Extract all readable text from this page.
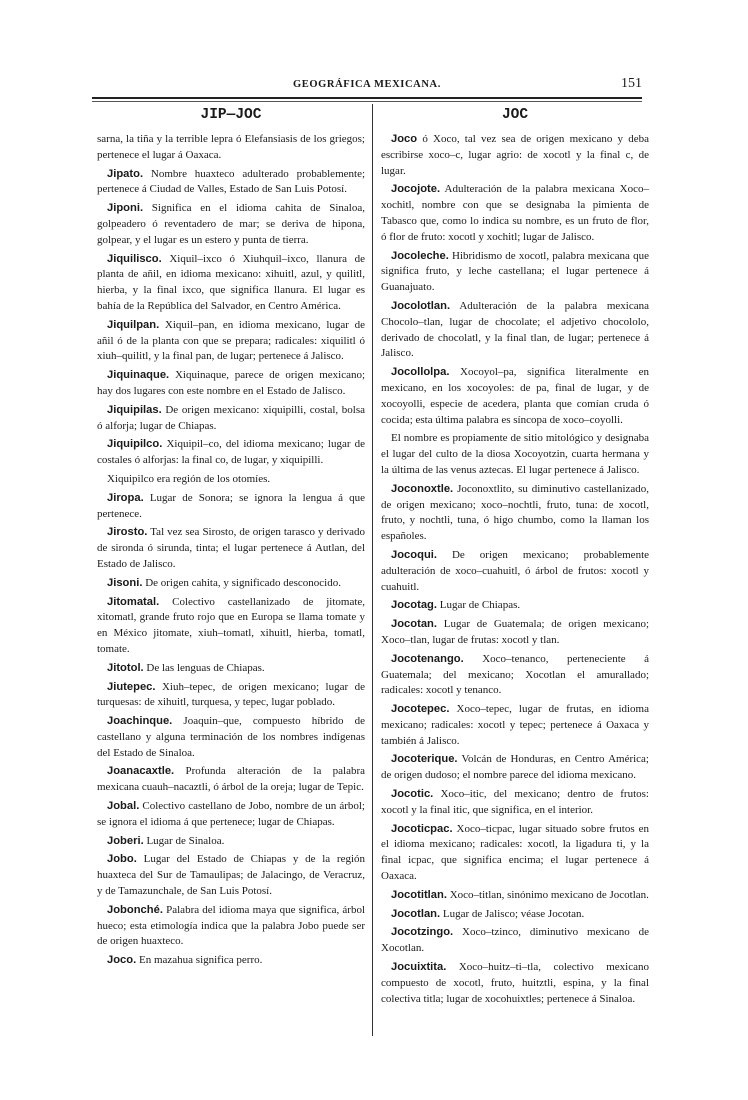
GEOGRÁFICA MEXICANA.	151
JIP—JOC

sarna, la tiña y la terrible lepra ó Elefansiasis de los griegos; pertenece el lugar á Oaxaca.

Jipato. Nombre huaxteco adulterado probablemente; pertenece á Ciudad de Valles, Estado de San Luis Potosí.

Jiponi. Significa en el idioma cahita de Sinaloa, golpeadero ó reventadero de mar; se deriva de hipona, golpear, y el lugar es un estero y punta de tierra.

Jiquilisco. Xiquil–ixco ó Xiuhquil–ixco, llanura de planta de añil, en idioma mexicano: xihuitl, azul, y quilitl, hierba, y la final ixco, que significa llanura. El lugar es bahía de la República del Salvador, en Centro América.

Jiquilpan. Xiquil–pan, en idioma mexicano, lugar de añil ó de la planta con que se prepara; radicales: xiquilitl ó xiuh–quilitl, y la final pan, de lugar; pertenece á Jalisco.

Jiquinaque. Xiquinaque, parece de origen mexicano; hay dos lugares con este nombre en el Estado de Jalisco.

Jiquipilas. De origen mexicano: xiquipilli, costal, bolsa ó alforja; lugar de Chiapas.

Jiquipilco. Xiquipil–co, del idioma mexicano; lugar de costales ó alforjas: la final co, de lugar, y xiquipilli.

Xiquipilco era región de los otomíes.

Jiropa. Lugar de Sonora; se ignora la lengua á que pertenece.

Jirosto. Tal vez sea Sirosto, de origen tarasco y derivado de sironda ó sirunda, tinta; el lugar pertenece á Autlan, del Estado de Jalisco.

Jisoni. De origen cahita, y significado desconocido.

Jitomatal. Colectivo castellanizado de jitomate, xitomatl, grande fruto rojo que en Europa se llama tomate y en México jitomate, xiuh–tomatl, xihuitl, hierba, tomatl, tomate.

Jitotol. De las lenguas de Chiapas.

Jiutepec. Xiuh–tepec, de origen mexicano; lugar de turquesas: de xihuitl, turquesa, y tepec, lugar poblado.

Joachinque. Joaquin–que, compuesto híbrido de castellano y alguna terminación de los nombres indígenas del Estado de Sinaloa.

Joanacaxtle. Profunda alteración de la palabra mexicana cuauh–nacaztli, ó árbol de la oreja; lugar de Tepic.

Jobal. Colectivo castellano de Jobo, nombre de un árbol; se ignora el idioma á que pertenece; lugar de Chiapas.

Joberi. Lugar de Sinaloa.

Jobo. Lugar del Estado de Chiapas y de la región huaxteca del Sur de Tamaulipas; de Jalacingo, de Veracruz, y de Tamazunchale, de San Luis Potosí.

Jobonché. Palabra del idioma maya que significa, árbol hueco; esta etimología indica que la palabra Jobo puede ser de origen huaxteco.

Joco. En mazahua significa perro.

JOC

Joco ó Xoco, tal vez sea de origen mexicano y deba escribirse xoco–c, lugar agrio: de xocotl y la final c, de lugar.

Jocojote. Adulteración de la palabra mexicana Xoco–xochitl, nombre con que se designaba la pimienta de Tabasco que, como lo indica su nombre, es un fruto de flor, ó flor de fruto: xocotl y xochitl; lugar de Jalisco.

Jocoleche. Hibridismo de xocotl, palabra mexicana que significa fruto, y leche castellana; el lugar pertenece á Guanajuato.

Jocolotlan. Adulteración de la palabra mexicana Chocolo–tlan, lugar de chocolate; el adjetivo chocololo, derivado de chocolatl, y la final tlan, de lugar; pertenece á Jalisco.

Jocollolpa. Xocoyol–pa, significa literalmente en mexicano, en los xocoyoles: de pa, final de lugar, y de xocoyolli, especie de acedera, planta que comían cruda ó cocida; esta última palabra es síncopa de xoco–coyolli.

El nombre es propiamente de sitio mitológico y designaba el lugar del culto de la diosa Xocoyotzin, cuarta hermana y la última de las venus aztecas. El lugar pertenece á Jalisco.

Joconoxtle. Joconoxtlito, su diminutivo castellanizado, de origen mexicano; xoco–nochtli, fruto, tuna: de xocotl, fruto, y nochtli, tuna, ó higo chumbo, como la llaman los españoles.

Jocoqui. De origen mexicano; probablemente adulteración de xoco–cuahuitl, ó árbol de frutos: xocotl y cuahuitl.

Jocotag. Lugar de Chiapas.

Jocotan. Lugar de Guatemala; de origen mexicano; Xoco–tlan, lugar de frutas: xocotl y tlan.

Jocotenango. Xoco–tenanco, perteneciente á Guatemala; del mexicano; Xocotlan el amurallado; radicales: xocotl y tenanco.

Jocotepec. Xoco–tepec, lugar de frutas, en idioma mexicano; radicales: xocotl y tepec; pertenece á Oaxaca y también á Jalisco.

Jocoterique. Volcán de Honduras, en Centro América; de origen dudoso; el nombre parece del idioma mexicano.

Jocotic. Xoco–itic, del mexicano; dentro de frutos: xocotl y la final itic, que significa, en el interior.

Jocoticpac. Xoco–ticpac, lugar situado sobre frutos en el idioma mexicano; radicales: xocotl, la ligadura ti, y la final icpac, que significa encima; el lugar pertenece á Oaxaca.

Jocotitlan. Xoco–titlan, sinónimo mexicano de Jocotlan.

Jocotlan. Lugar de Jalisco; véase Jocotan.

Jocotzingo. Xoco–tzinco, diminutivo mexicano de Xocotlan.

Jocuixtita. Xoco–huitz–ti–tla, colectivo mexicano compuesto de xocotl, fruto, huitztli, espina, y la final colectiva titla; lugar de xocohuixtles; pertenece á Sinaloa.
